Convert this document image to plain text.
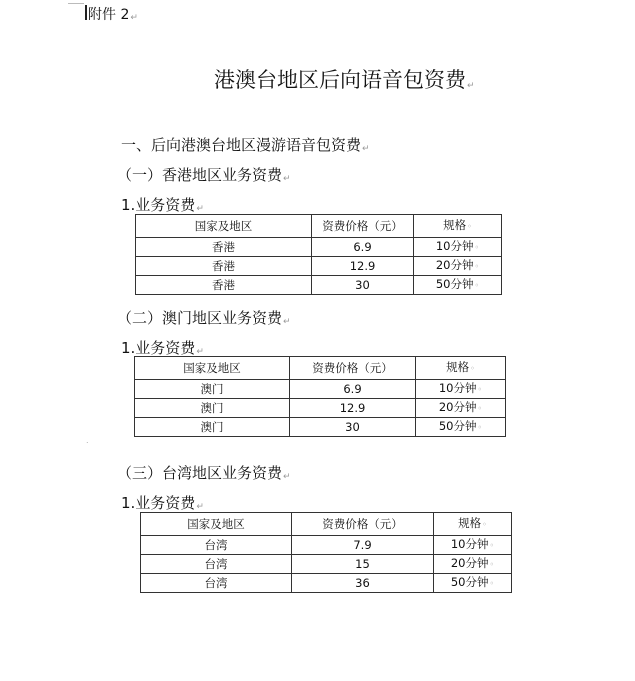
附件 2↵
港澳台地区后向语音包资费↵
一、后向港澳台地区漫游语音包资费↵
（一）香港地区业务资费↵
1.业务资费↵
国家及地区	资费价格（元）	规格◦
香港	6.9	10分钟◦
香港	12.9	20分钟◦
香港	30	50分钟◦
（二）澳门地区业务资费↵
1.业务资费↵
国家及地区	资费价格（元）	规格◦
澳门	6.9	10分钟◦
澳门	12.9	20分钟◦
澳门	30	50分钟◦
.
（三）台湾地区业务资费↵
1.业务资费↵
国家及地区	资费价格（元）	规格◦
台湾	7.9	10分钟◦
台湾	15	20分钟◦
台湾	36	50分钟◦
